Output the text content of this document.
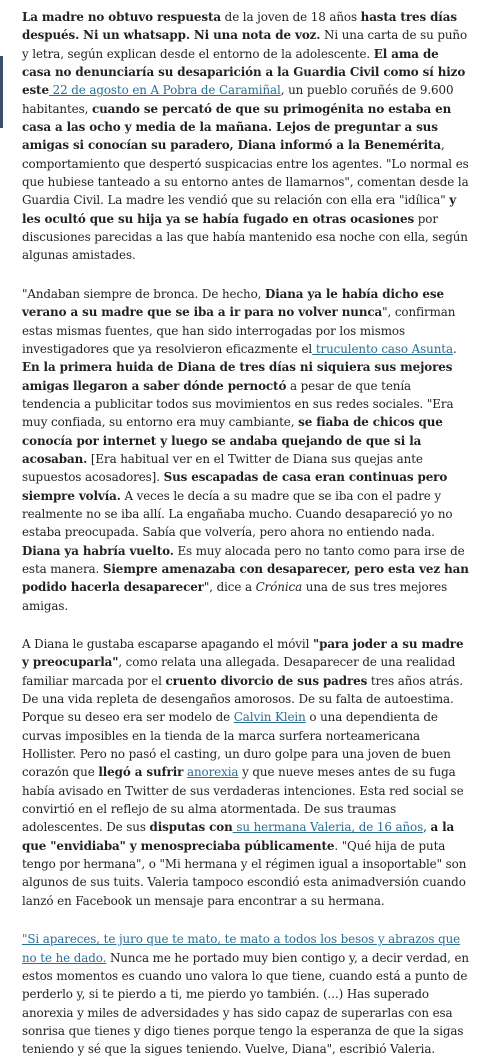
La madre no obtuvo respuesta de la joven de 18 años hasta tres días después. Ni un whatsapp. Ni una nota de voz. Ni una carta de su puño y letra, según explican desde el entorno de la adolescente. El ama de casa no denunciaría su desaparición a la Guardia Civil como sí hizo este 22 de agosto en A Pobra de Caramiñal, un pueblo coruñés de 9.600 habitantes, cuando se percató de que su primogénita no estaba en casa a las ocho y media de la mañana. Lejos de preguntar a sus amigas si conocían su paradero, Diana informó a la Benemérita, comportamiento que despertó suspicacias entre los agentes. "Lo normal es que hubiese tanteado a su entorno antes de llamarnos", comentan desde la Guardia Civil. La madre les vendió que su relación con ella era "idílica" y les ocultó que su hija ya se había fugado en otras ocasiones por discusiones parecidas a las que había mantenido esa noche con ella, según algunas amistades.

"Andaban siempre de bronca. De hecho, Diana ya le había dicho ese verano a su madre que se iba a ir para no volver nunca", confirman estas mismas fuentes, que han sido interrogadas por los mismos investigadores que ya resolvieron eficazmente el truculento caso Asunta. En la primera huida de Diana de tres días ni siquiera sus mejores amigas llegaron a saber dónde pernoctó a pesar de que tenía tendencia a publicitar todos sus movimientos en sus redes sociales. "Era muy confiada, su entorno era muy cambiante, se fiaba de chicos que conocía por internet y luego se andaba quejando de que si la acosaban. [Era habitual ver en el Twitter de Diana sus quejas ante supuestos acosadores]. Sus escapadas de casa eran continuas pero siempre volvía. A veces le decía a su madre que se iba con el padre y realmente no se iba allí. La engañaba mucho. Cuando desapareció yo no estaba preocupada. Sabía que volvería, pero ahora no entiendo nada. Diana ya habría vuelto. Es muy alocada pero no tanto como para irse de esta manera. Siempre amenazaba con desaparecer, pero esta vez han podido hacerla desaparecer", dice a Crónica una de sus tres mejores amigas.

A Diana le gustaba escaparse apagando el móvil "para joder a su madre y preocuparla", como relata una allegada. Desaparecer de una realidad familiar marcada por el cruento divorcio de sus padres tres años atrás. De una vida repleta de desengaños amorosos. De su falta de autoestima. Porque su deseo era ser modelo de Calvin Klein o una dependienta de curvas imposibles en la tienda de la marca surfera norteamericana Hollister. Pero no pasó el casting, un duro golpe para una joven de buen corazón que llegó a sufrir anorexia y que nueve meses antes de su fuga había avisado en Twitter de sus verdaderas intenciones. Esta red social se convirtió en el reflejo de su alma atormentada. De sus traumas adolescentes. De sus disputas con su hermana Valeria, de 16 años, a la que "envidiaba" y menospreciaba públicamente. "Qué hija de puta tengo por hermana", o "Mi hermana y el régimen igual a insoportable" son algunos de sus tuits. Valeria tampoco escondió esta animadversión cuando lanzó en Facebook un mensaje para encontrar a su hermana.

"Si apareces, te juro que te mato, te mato a todos los besos y abrazos que no te he dado. Nunca me he portado muy bien contigo y, a decir verdad, en estos momentos es cuando uno valora lo que tiene, cuando está a punto de perderlo y, si te pierdo a ti, me pierdo yo también. (...) Has superado anorexia y miles de adversidades y has sido capaz de superarlas con esa sonrisa que tienes y digo tienes porque tengo la esperanza de que la sigas teniendo y sé que la sigues teniendo. Vuelve, Diana", escribió Valeria.
